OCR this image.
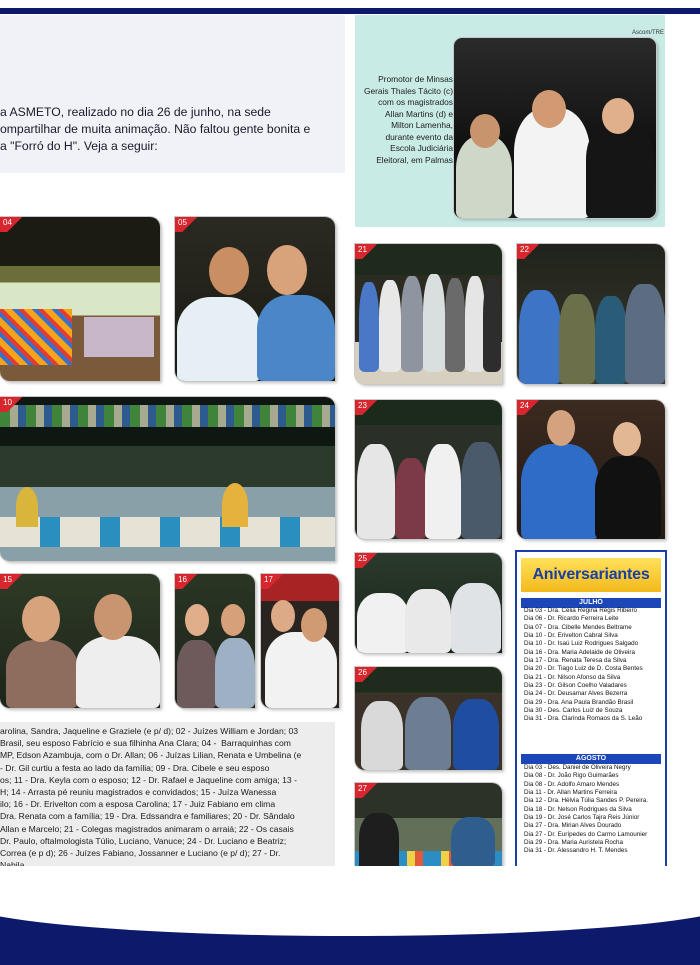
a ASMETO, realizado no dia 26 de junho, na sede
ompartilhar de muita animação. Não faltou gente bonita e
a "Forró do H". Veja a seguir:
Ascom/TRE
Promotor de Minsas Gerais Thales Tácito (c) com os magistrados Allan Martins (d) e Milton Lamenha, durante evento da Escola Judiciária Eleitoral, em Palmas
04	05
21	22
10	23	24
15	16	17
25
26
27
arolina, Sandra, Jaqueline e Graziele (e p/ d); 02 - Juízes William e Jordan; 03
Brasil, seu esposo Fabrício e sua filhinha Ana Clara; 04 -  Barraquinhas com
MP, Edson Azambuja, com o Dr. Allan; 06 - Juízas Lilian, Renata e Umbelina (e
- Dr. Gil curtiu a festa ao lado da família; 09 - Dra. Cibele e seu esposo
os; 11 - Dra. Keyla com o esposo; 12 - Dr. Rafael e Jaqueline com amiga; 13 -
H; 14 - Arrasta pé reuniu magistrados e convidados; 15 - Juíza Wanessa
ilo; 16 - Dr. Erivelton com a esposa Carolina; 17 - Juiz Fabiano em clima
Dra. Renata com a família; 19 - Dra. Edssandra e familiares; 20 - Dr. Sândalo
Allan e Marcelo; 21 - Colegas magistrados animaram o arraiá; 22 - Os casais
Dr. Paulo, oftalmologista Túlio, Luciano, Vanuce; 24 - Dr. Luciano e Beatriz;
Correa (e p d); 26 - Juízes Fabiano, Jossanner e Luciano (e p/ d); 27 - Dr.

Aniversariantes
JULHO
Dia 03 - Dra. Célia Regina Régis Ribeiro
Dia 06 - Dr. Ricardo Ferreira Leite
Dia 07 - Dra. Cibelle Mendes Beltrame
Dia 10 - Dr. Erivelton Cabral Silva
Dia 10 - Dr. Isaú Luiz Rodrigues Salgado
Dia 16 - Dra. Maria Adelaide de Oliveira
Dia 17 - Dra. Renata Teresa da Silva
Dia 20 - Dr. Tiago Luiz de D. Costa Bentes
Dia 21 - Dr. Nilson Afonso da Silva
Dia 23 - Dr. Gilson Coelho Valadares
Dia 24 - Dr. Deusamar Alves Bezerra
Dia 29 - Dra. Ana Paula Brandão Brasil
Dia 30 - Des. Carlos Luiz de Souza
Dia 31 - Dra. Clarinda Romaos da S. Leão
AGOSTO
Dia 03 - Des. Daniel de Oliveira Negry
Dia 08 - Dr. João Rigo Guimarães
Dia 08 - Dr. Adolfo Amaro Mendes
Dia 11 - Dr. Allan Martins Ferreira
Dia 12 - Dra. Hélvia Túlia Sandes P. Pereira.
Dia 18 - Dr. Nelson Rodrigues da Silva
Dia 19 - Dr. José Carlos Tajra Reis Júnior
Dia 27 - Dra. Mirian Alves Dourado
Dia 27 - Dr. Eurípedes do Carmo Lamounier
Dia 29 - Dra. Maria Auristela Rocha
Dia 31 - Dr. Alessandro H. T. Mendes
7
